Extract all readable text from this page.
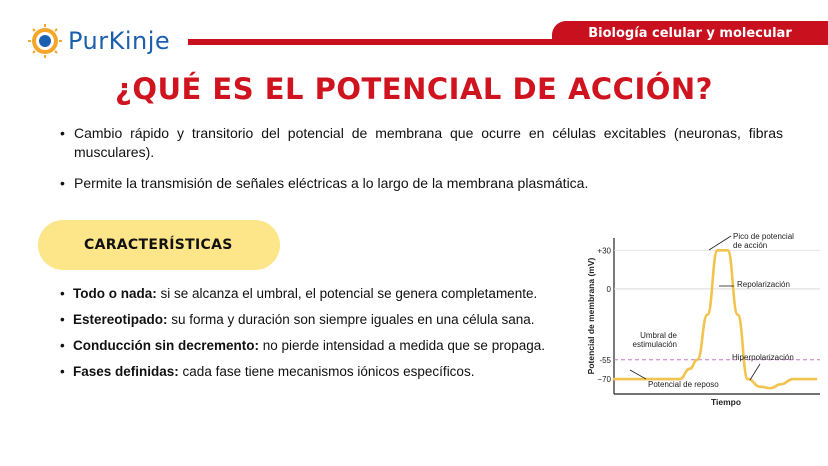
PurKinje	Biología celular y molecular
¿QUÉ ES EL POTENCIAL DE ACCIÓN?
• Cambio rápido y transitorio del potencial de membrana que ocurre en células excitables (neuronas, fibras musculares).
• Permite la transmisión de señales eléctricas a lo largo de la membrana plasmática.
CARACTERÍSTICAS
• Todo o nada: si se alcanza el umbral, el potencial se genera completamente.
• Estereotipado: su forma y duración son siempre iguales en una célula sana.
• Conducción sin decremento: no pierde intensidad a medida que se propaga.
• Fases definidas: cada fase tiene mecanismos iónicos específicos.
+30
0
-55
−70
Potencial de membrana (mV)
Tiempo
Pico de potencial
de acción
Repolarización
Umbral de
estimulación
Hiperpolarización
Potencial de reposo
